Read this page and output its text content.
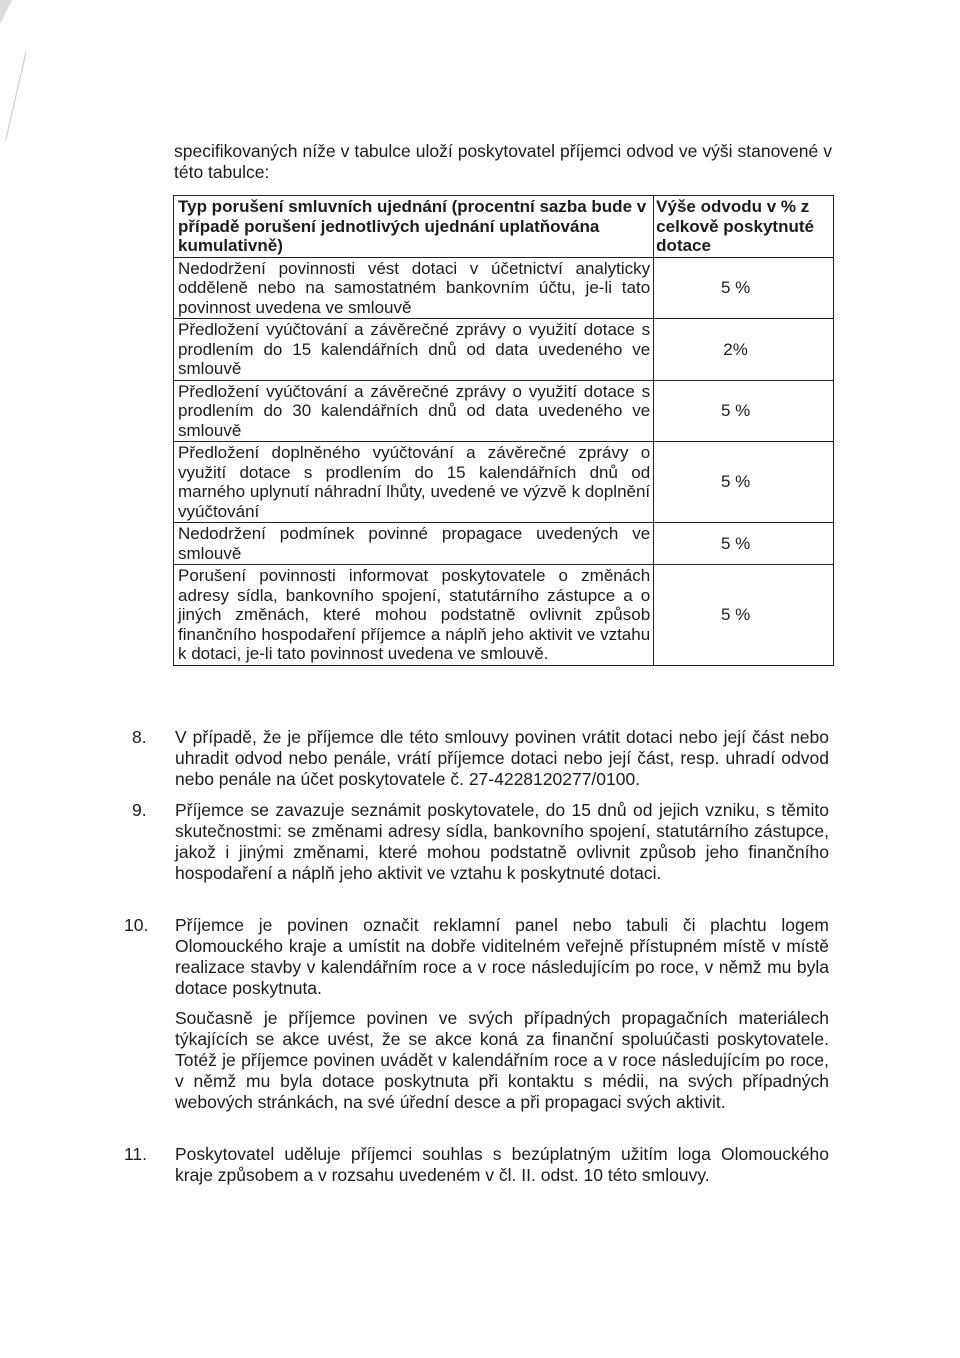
specifikovaných níže v tabulce uloží poskytovatel příjemci odvod ve výši stanovené v této tabulce:

Typ porušení smluvních ujednání (procentní sazba bude v případě porušení jednotlivých ujednání uplatňována kumulativně)	Výše odvodu v % z celkově poskytnuté dotace
Nedodržení povinnosti vést dotaci v účetnictví analyticky odděleně nebo na samostatném bankovním účtu, je-li tato povinnost uvedena ve smlouvě	5 %
Předložení vyúčtování a závěrečné zprávy o využití dotace s prodlením do 15 kalendářních dnů od data uvedeného ve smlouvě	2%
Předložení vyúčtování a závěrečné zprávy o využití dotace s prodlením do 30 kalendářních dnů od data uvedeného ve smlouvě	5 %
Předložení doplněného vyúčtování a závěrečné zprávy o využití dotace s prodlením do 15 kalendářních dnů od marného uplynutí náhradní lhůty, uvedené ve výzvě k doplnění vyúčtování	5 %
Nedodržení podmínek povinné propagace uvedených ve smlouvě	5 %
Porušení povinnosti informovat poskytovatele o změnách adresy sídla, bankovního spojení, statutárního zástupce a o jiných změnách, které mohou podstatně ovlivnit způsob finančního hospodaření příjemce a náplň jeho aktivit ve vztahu k dotaci, je-li tato povinnost uvedena ve smlouvě.	5 %
8.	V případě, že je příjemce dle této smlouvy povinen vrátit dotaci nebo její část nebo uhradit odvod nebo penále, vrátí příjemce dotaci nebo její část, resp. uhradí odvod nebo penále na účet poskytovatele č. 27-4228120277/0100.
9.	Příjemce se zavazuje seznámit poskytovatele, do 15 dnů od jejich vzniku, s těmito skutečnostmi: se změnami adresy sídla, bankovního spojení, statutárního zástupce, jakož i jinými změnami, které mohou podstatně ovlivnit způsob jeho finančního hospodaření a náplň jeho aktivit ve vztahu k poskytnuté dotaci.
10.	Příjemce je povinen označit reklamní panel nebo tabuli či plachtu logem Olomouckého kraje a umístit na dobře viditelném veřejně přístupném místě v místě realizace stavby v kalendářním roce a v roce následujícím po roce, v němž mu byla dotace poskytnuta.
Současně je příjemce povinen ve svých případných propagačních materiálech týkajících se akce uvést, že se akce koná za finanční spoluúčasti poskytovatele. Totéž je příjemce povinen uvádět v kalendářním roce a v roce následujícím po roce, v němž mu byla dotace poskytnuta při kontaktu s médii, na svých případných webových stránkách, na své úřední desce a při propagaci svých aktivit.
11.	Poskytovatel uděluje příjemci souhlas s bezúplatným užitím loga Olomouckého kraje způsobem a v rozsahu uvedeném v čl. II. odst. 10 této smlouvy.
